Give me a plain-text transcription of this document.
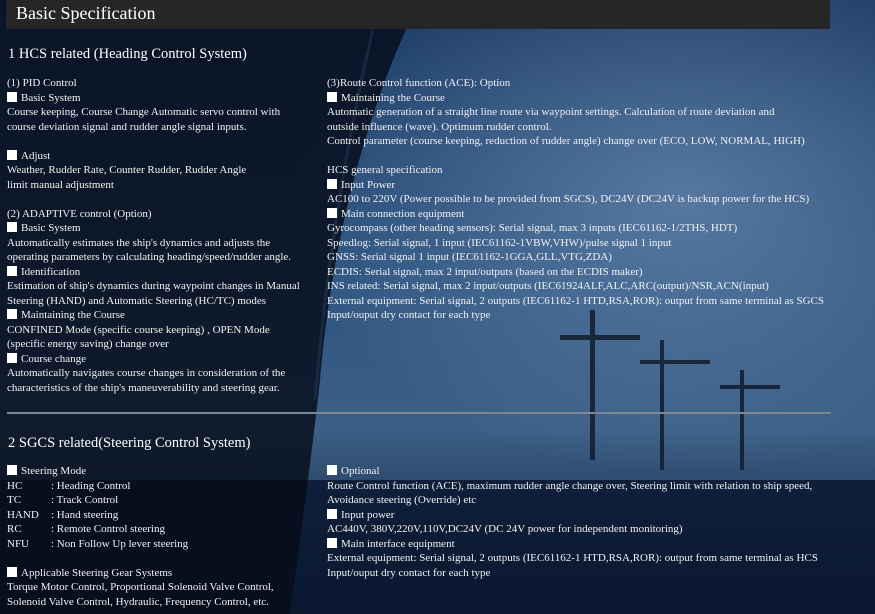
Basic Specification
1 HCS related (Heading Control System)
(1) PID Control
Basic System
Course keeping, Course Change Automatic servo control with
course deviation signal and rudder angle signal inputs.
Adjust
Weather, Rudder Rate, Counter Rudder, Rudder Angle
limit manual adjustment
(2) ADAPTIVE control (Option)
Basic System
Automatically estimates the ship's dynamics and adjusts the
operating parameters by calculating heading/speed/rudder angle.
Identification
Estimation of ship's dynamics during waypoint changes in Manual
Steering (HAND) and Automatic Steering (HC/TC) modes
Maintaining the Course
CONFINED Mode (specific course keeping) , OPEN Mode
(specific energy saving) change over
Course change
Automatically navigates course changes in consideration of the
characteristics of the ship's maneuverability and steering gear.
(3)Route Control function (ACE): Option
Maintaining the Course
Automatic generation of a straight line route via waypoint settings. Calculation of route deviation and
outside influence (wave). Optimum rudder control.
Control parameter (course keeping, reduction of rudder angle) change over (ECO, LOW, NORMAL, HIGH)
HCS general specification
Input Power
AC100 to 220V (Power possible to be provided from SGCS), DC24V (DC24V is backup power for the HCS)
Main connection equipment
Gyrocompass (other heading sensors): Serial signal, max 3 inputs (IEC61162-1/2THS, HDT)
Speedlog: Serial signal, 1 input (IEC61162-1VBW,VHW)/pulse signal 1 input
GNSS: Serial signal 1 input (IEC61162-1GGA,GLL,VTG,ZDA)
ECDIS: Serial signal, max 2 input/outputs (based on the ECDIS maker)
INS related: Serial signal, max 2 input/outputs (IEC61924ALF,ALC,ARC(output)/NSR,ACN(input)
External equipment: Serial signal, 2 outputs (IEC61162-1 HTD,RSA,ROR): output from same terminal as SGCS
Input/ouput dry contact for each type
2 SGCS related(Steering Control System)
Steering Mode
HC	: Heading Control
TC	: Track Control
HAND	: Hand steering
RC	: Remote Control steering
NFU	: Non Follow Up lever steering
Applicable Steering Gear Systems
Torque Motor Control, Proportional Solenoid Valve Control,
Solenoid Valve Control, Hydraulic, Frequency Control, etc.
Optional
Route Control function (ACE), maximum rudder angle change over, Steering limit with relation to ship speed,
Avoidance steering (Override) etc
Input power
AC440V, 380V,220V,110V,DC24V (DC 24V power for independent monitoring)
Main interface equipment
External equipment: Serial signal, 2 outputs (IEC61162-1 HTD,RSA,ROR): output from same terminal as HCS
Input/ouput dry contact for each type
